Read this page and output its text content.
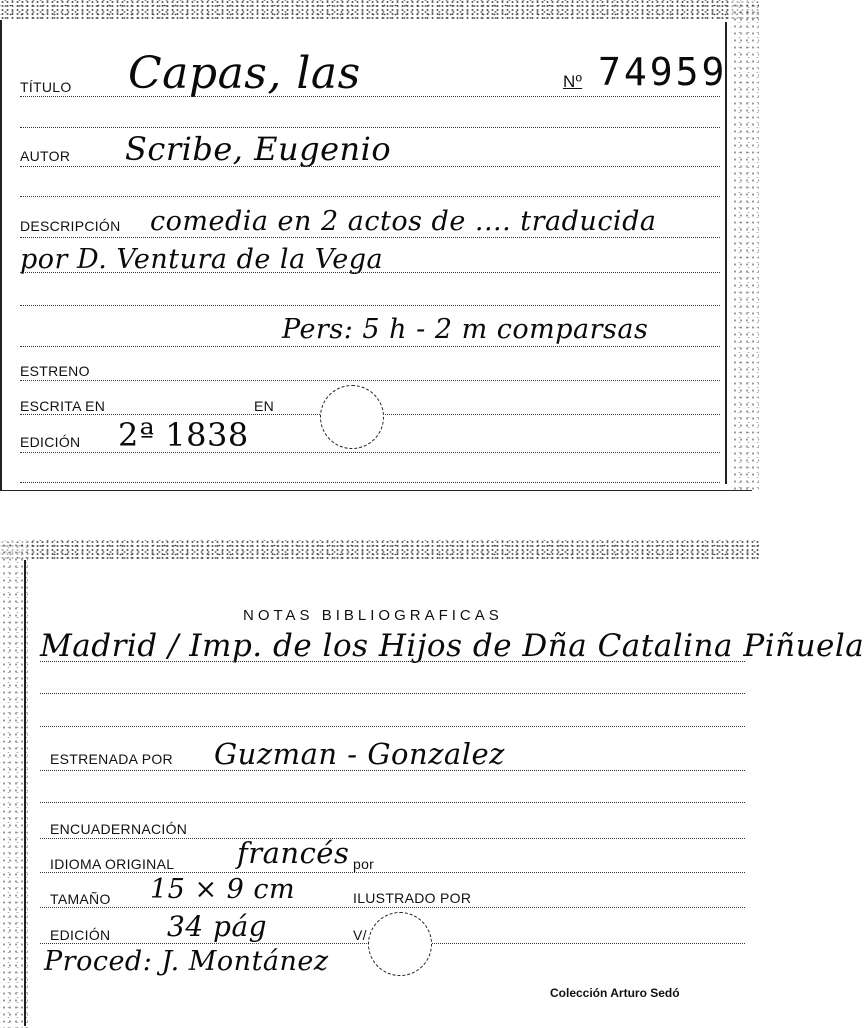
TÍTULO Capas, las	Nº 74959
AUTOR Scribe, Eugenio
DESCRIPCIÓN comedia en 2 actos de .... traducida
por D. Ventura de la Vega
Pers: 5 h - 2 m comparsas
ESTRENO
ESCRITA EN	EN
EDICIÓN 2ª 1838
NOTAS BIBLIOGRAFICAS
Madrid / Imp. de los Hijos de Dña Catalina Piñuela
ESTRENADA POR Guzman - Gonzalez
ENCUADERNACIÓN
IDIOMA ORIGINAL francés por
TAMAÑO 15 × 9 cm	ILUSTRADO POR
EDICIÓN 34 pág	V/
Proced: J. Montánez
Colección Arturo Sedó
